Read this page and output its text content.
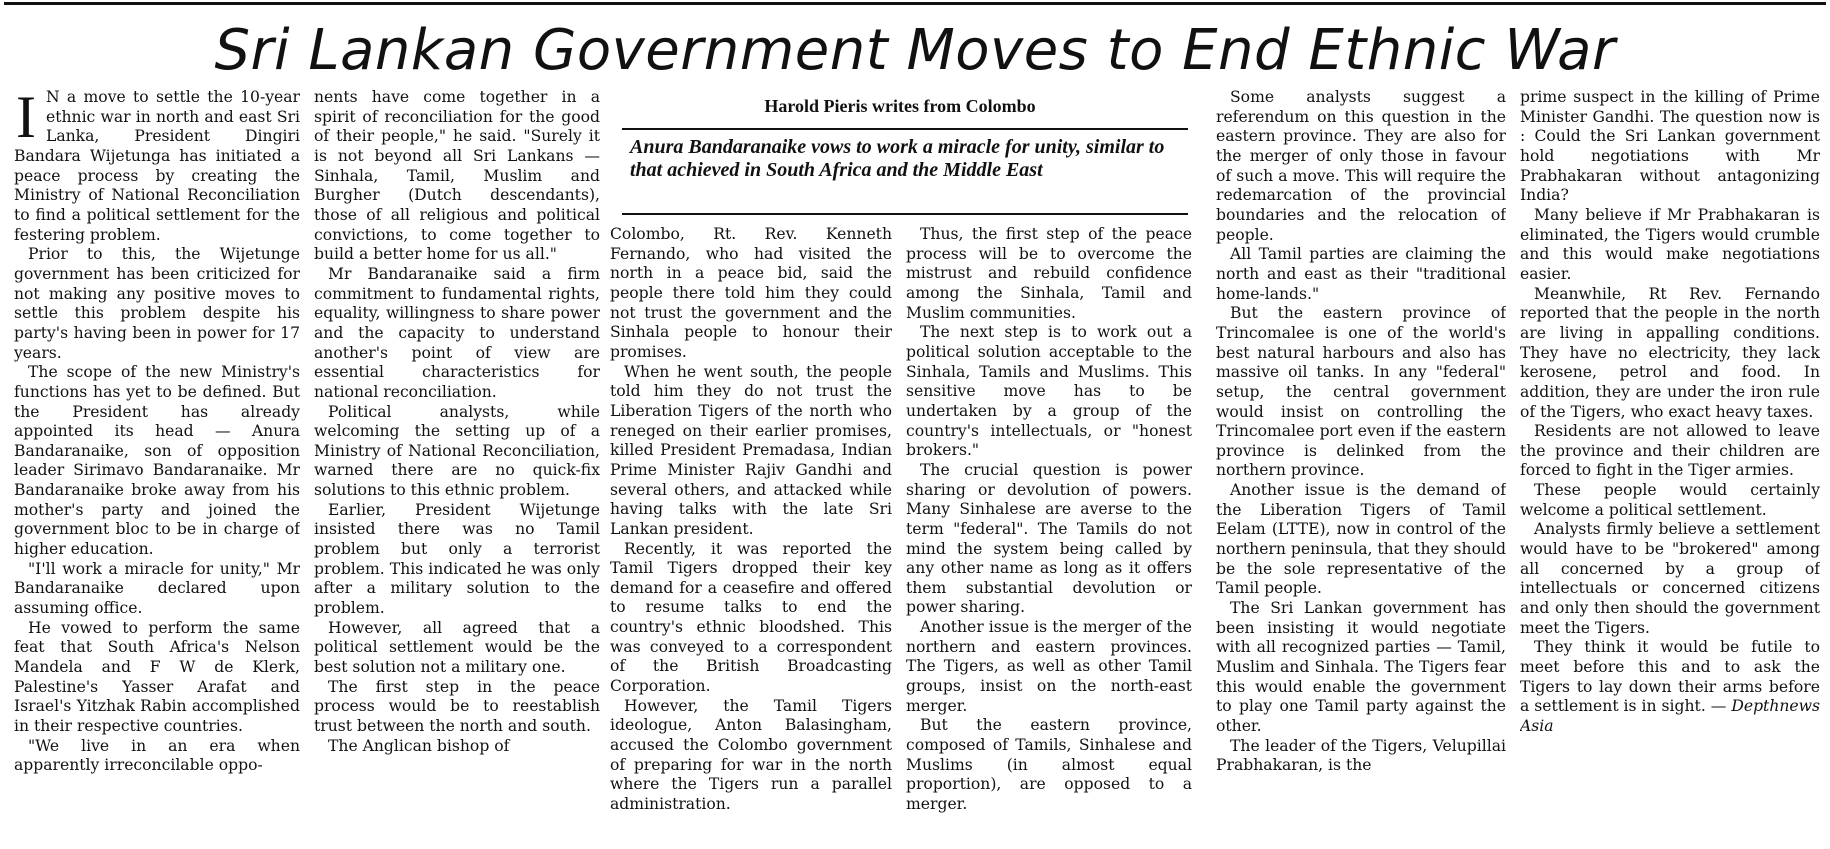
Sri Lankan Government Moves to End Ethnic War
Harold Pieris writes from Colombo

Anura Bandaranaike vows to work a miracle for unity, similar to that achieved in South Africa and the Middle East

I N a move to settle the 10-year ethnic war in north and east Sri Lanka, President Dingiri Bandara Wijetunga has initiated a peace process by creating the Ministry of National Reconciliation to find a political settlement for the festering problem.

Prior to this, the Wijetunge government has been criticized for not making any positive moves to settle this problem despite his party's having been in power for 17 years.

The scope of the new Ministry's functions has yet to be defined. But the President has already appointed its head — Anura Bandaranaike, son of opposition leader Sirimavo Bandaranaike. Mr Bandaranaike broke away from his mother's party and joined the government bloc to be in charge of higher education.

"I'll work a miracle for unity," Mr Bandaranaike declared upon assuming office.

He vowed to perform the same feat that South Africa's Nelson Mandela and F W de Klerk, Palestine's Yasser Arafat and Israel's Yitzhak Rabin accomplished in their respective countries.

"We live in an era when apparently irreconcilable oppo-

nents have come together in a spirit of reconciliation for the good of their people," he said. "Surely it is not beyond all Sri Lankans — Sinhala, Tamil, Muslim and Burgher (Dutch descendants), those of all religious and political convictions, to come together to build a better home for us all."

Mr Bandaranaike said a firm commitment to fundamental rights, equality, willingness to share power and the capacity to understand another's point of view are essential characteristics for national reconciliation.

Political analysts, while welcoming the setting up of a Ministry of National Reconciliation, warned there are no quick-fix solutions to this ethnic problem.

Earlier, President Wijetunge insisted there was no Tamil problem but only a terrorist problem. This indicated he was only after a military solution to the problem.

However, all agreed that a political settlement would be the best solution not a military one.

The first step in the peace process would be to reestablish trust between the north and south.

The Anglican bishop of

Colombo, Rt. Rev. Kenneth Fernando, who had visited the north in a peace bid, said the people there told him they could not trust the government and the Sinhala people to honour their promises.

When he went south, the people told him they do not trust the Liberation Tigers of the north who reneged on their earlier promises, killed President Premadasa, Indian Prime Minister Rajiv Gandhi and several others, and attacked while having talks with the late Sri Lankan president.

Recently, it was reported the Tamil Tigers dropped their key demand for a ceasefire and offered to resume talks to end the country's ethnic bloodshed. This was conveyed to a correspondent of the British Broadcasting Corporation.

However, the Tamil Tigers ideologue, Anton Balasingham, accused the Colombo government of preparing for war in the north where the Tigers run a parallel administration.

Thus, the first step of the peace process will be to overcome the mistrust and rebuild confidence among the Sinhala, Tamil and Muslim communities.

The next step is to work out a political solution acceptable to the Sinhala, Tamils and Muslims. This sensitive move has to be undertaken by a group of the country's intellectuals, or "honest brokers."

The crucial question is power sharing or devolution of powers. Many Sinhalese are averse to the term "federal". The Tamils do not mind the system being called by any other name as long as it offers them substantial devolution or power sharing.

Another issue is the merger of the northern and eastern provinces. The Tigers, as well as other Tamil groups, insist on the north-east merger.

But the eastern province, composed of Tamils, Sinhalese and Muslims (in almost equal proportion), are opposed to a merger.

Some analysts suggest a referendum on this question in the eastern province. They are also for the merger of only those in favour of such a move. This will require the redemarcation of the provincial boundaries and the relocation of people.

All Tamil parties are claiming the north and east as their "traditional home-lands."

But the eastern province of Trincomalee is one of the world's best natural harbours and also has massive oil tanks. In any "federal" setup, the central government would insist on controlling the Trincomalee port even if the eastern province is delinked from the northern province.

Another issue is the demand of the Liberation Tigers of Tamil Eelam (LTTE), now in control of the northern peninsula, that they should be the sole representative of the Tamil people.

The Sri Lankan government has been insisting it would negotiate with all recognized parties — Tamil, Muslim and Sinhala. The Tigers fear this would enable the government to play one Tamil party against the other.

The leader of the Tigers, Velupillai Prabhakaran, is the

prime suspect in the killing of Prime Minister Gandhi. The question now is : Could the Sri Lankan government hold negotiations with Mr Prabhakaran without antagonizing India?

Many believe if Mr Prabhakaran is eliminated, the Tigers would crumble and this would make negotiations easier.

Meanwhile, Rt Rev. Fernando reported that the people in the north are living in appalling conditions. They have no electricity, they lack kerosene, petrol and food. In addition, they are under the iron rule of the Tigers, who exact heavy taxes.

Residents are not allowed to leave the province and their children are forced to fight in the Tiger armies.

These people would certainly welcome a political settlement.

Analysts firmly believe a settlement would have to be "brokered" among all concerned by a group of intellectuals or concerned citizens and only then should the government meet the Tigers.

They think it would be futile to meet before this and to ask the Tigers to lay down their arms before a settlement is in sight. — Depthnews Asia
